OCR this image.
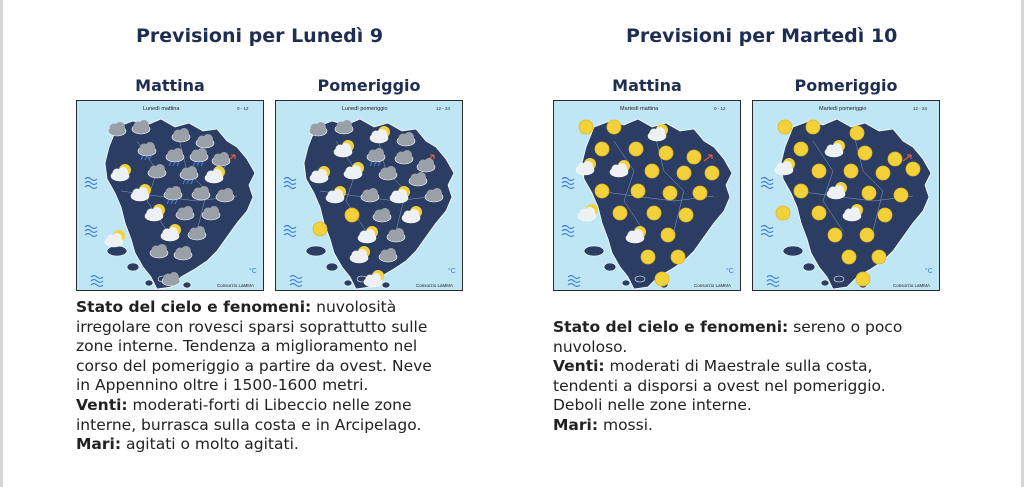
Previsioni per Lunedì 9
Mattina	Pomeriggio
Lunedì mattina	0 - 12
°C
Consorzio LaMMA
Lunedì pomeriggio	12 - 24
°C
Consorzio LaMMA
Stato del cielo e fenomeni: nuvolosità
irregolare con rovesci sparsi soprattutto sulle
zone interne. Tendenza a miglioramento nel
corso del pomeriggio a partire da ovest. Neve
in Appennino oltre i 1500-1600 metri.
Venti: moderati-forti di Libeccio nelle zone
interne, burrasca sulla costa e in Arcipelago.
Mari: agitati o molto agitati.
Previsioni per Martedì 10
Mattina	Pomeriggio
Martedì mattina	0 - 12
°C
Consorzio LaMMA
Martedì pomeriggio	12 - 24
°C
Consorzio LaMMA
Stato del cielo e fenomeni: sereno o poco
nuvoloso.
Venti: moderati di Maestrale sulla costa,
tendenti a disporsi a ovest nel pomeriggio.
Deboli nelle zone interne.
Mari: mossi.
